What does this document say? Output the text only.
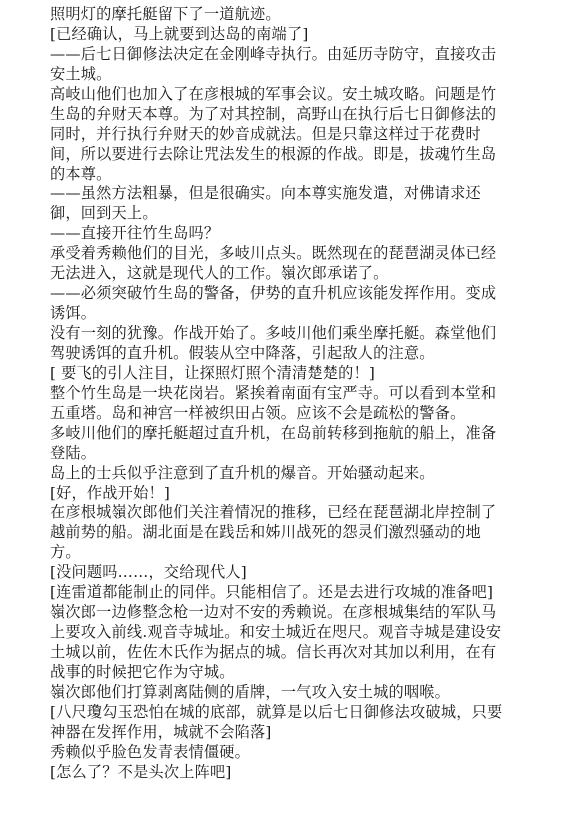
照明灯的摩托艇留下了一道航迹。
[已经确认，马上就要到达岛的南端了]
——后七日御修法决定在金刚峰寺执行。由延历寺防守，直接攻击
安土城。
高岐山他们也加入了在彦根城的军事会议。安土城攻略。问题是竹
生岛的弁财天本尊。为了对其控制，高野山在执行后七日御修法的
同时，并行执行弁财天的妙音成就法。但是只靠这样过于花费时
间，所以要进行去除让咒法发生的根源的作战。即是，拔魂竹生岛
的本尊。
——虽然方法粗暴，但是很确实。向本尊实施发遣，对佛请求还
御，回到天上。
——直接开往竹生岛吗？
承受着秀赖他们的目光，多岐川点头。既然现在的琵琶湖灵体已经
无法进入，这就是现代人的工作。嶺次郎承诺了。
——必须突破竹生岛的警备，伊势的直升机应该能发挥作用。变成
诱饵。
没有一刻的犹豫。作战开始了。多岐川他们乘坐摩托艇。森堂他们
驾驶诱饵的直升机。假装从空中降落，引起敌人的注意。
[ 要飞的引人注目，让探照灯照个清清楚楚的！]
整个竹生岛是一块花岗岩。紧挨着南面有宝严寺。可以看到本堂和
五重塔。岛和神宫一样被织田占领。应该不会是疏松的警备。
多岐川他们的摩托艇超过直升机，在岛前转移到拖航的船上，准备
登陆。
岛上的士兵似乎注意到了直升机的爆音。开始骚动起来。
[好，作战开始！]
在彦根城嶺次郎他们关注着情况的推移，已经在琵琶湖北岸控制了
越前势的船。湖北面是在践岳和姊川战死的怨灵们激烈骚动的地
方。
[没问题吗……，交给现代人]
[连雷道都能制止的同伴。只能相信了。还是去进行攻城的准备吧]
嶺次郎一边修整念枪一边对不安的秀赖说。在彦根城集结的军队马
上要攻入前线.观音寺城址。和安土城近在咫尺。观音寺城是建设安
土城以前，佐佐木氏作为据点的城。信长再次对其加以利用，在有
战事的时候把它作为守城。
嶺次郎他们打算剥离陆侧的盾牌，一气攻入安土城的咽喉。
[八尺瓊勾玉恐怕在城的底部，就算是以后七日御修法攻破城，只要
神器在发挥作用，城就不会陷落]
秀赖似乎脸色发青表情僵硬。
[怎么了？不是头次上阵吧]
